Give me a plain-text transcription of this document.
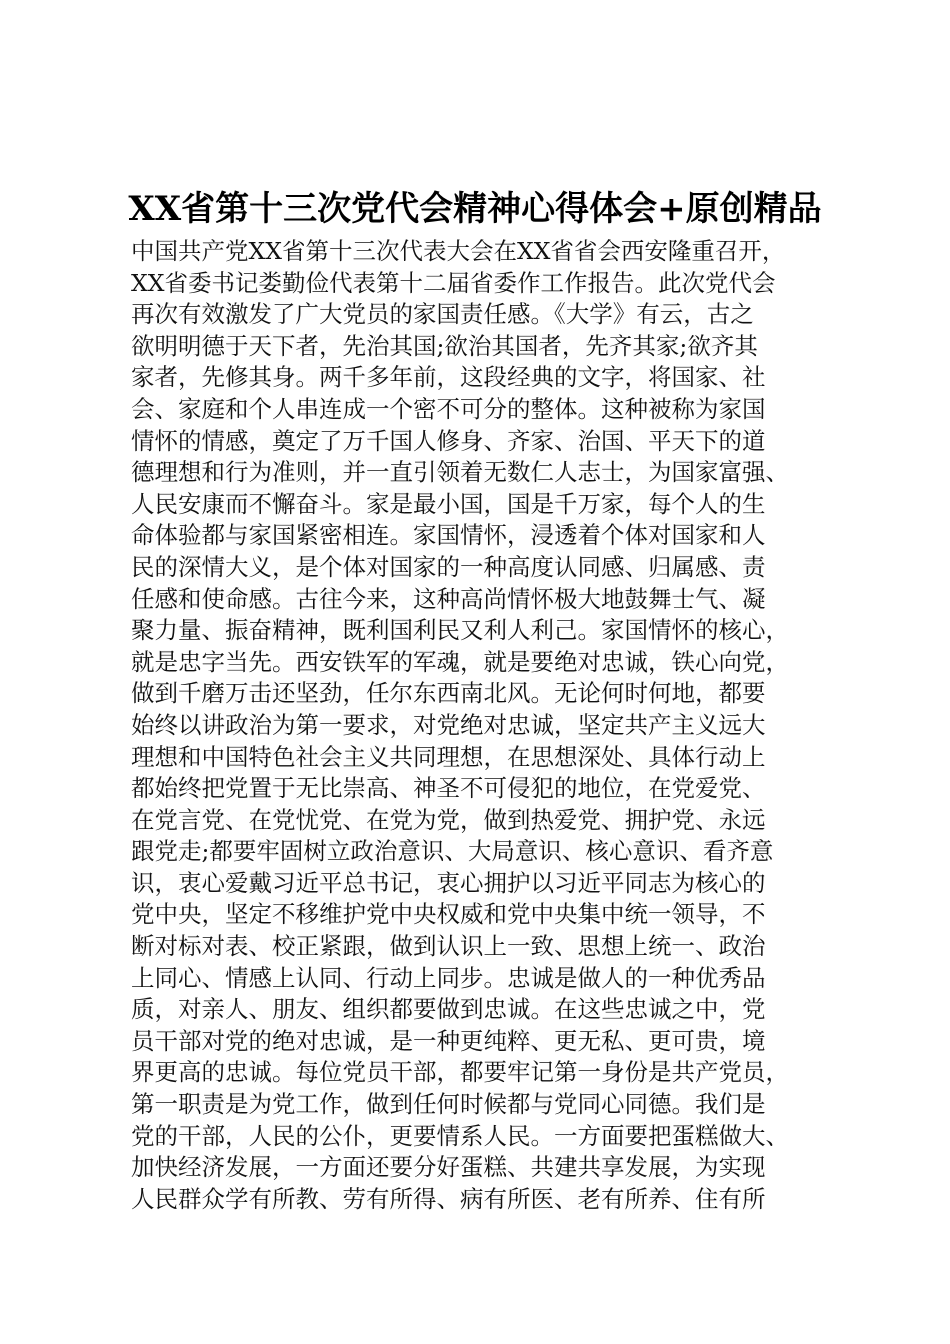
XX省第十三次党代会精神心得体会+原创精品
中国共产党XX省第十三次代表大会在XX省省会西安隆重召开，
XX省委书记娄勤俭代表第十二届省委作工作报告。此次党代会
再次有效激发了广大党员的家国责任感。《大学》有云，古之
欲明明德于天下者，先治其国;欲治其国者，先齐其家;欲齐其
家者，先修其身。两千多年前，这段经典的文字，将国家、社
会、家庭和个人串连成一个密不可分的整体。这种被称为家国
情怀的情感，奠定了万千国人修身、齐家、治国、平天下的道
德理想和行为准则，并一直引领着无数仁人志士，为国家富强、
人民安康而不懈奋斗。家是最小国，国是千万家，每个人的生
命体验都与家国紧密相连。家国情怀，浸透着个体对国家和人
民的深情大义，是个体对国家的一种高度认同感、归属感、责
任感和使命感。古往今来，这种高尚情怀极大地鼓舞士气、凝
聚力量、振奋精神，既利国利民又利人利己。家国情怀的核心，
就是忠字当先。西安铁军的军魂，就是要绝对忠诚，铁心向党，
做到千磨万击还坚劲，任尔东西南北风。无论何时何地，都要
始终以讲政治为第一要求，对党绝对忠诚，坚定共产主义远大
理想和中国特色社会主义共同理想，在思想深处、具体行动上
都始终把党置于无比崇高、神圣不可侵犯的地位，在党爱党、
在党言党、在党忧党、在党为党，做到热爱党、拥护党、永远
跟党走;都要牢固树立政治意识、大局意识、核心意识、看齐意
识，衷心爱戴习近平总书记，衷心拥护以习近平同志为核心的
党中央，坚定不移维护党中央权威和党中央集中统一领导，不
断对标对表、校正紧跟，做到认识上一致、思想上统一、政治
上同心、情感上认同、行动上同步。忠诚是做人的一种优秀品
质，对亲人、朋友、组织都要做到忠诚。在这些忠诚之中，党
员干部对党的绝对忠诚，是一种更纯粹、更无私、更可贵，境
界更高的忠诚。每位党员干部，都要牢记第一身份是共产党员，
第一职责是为党工作，做到任何时候都与党同心同德。我们是
党的干部，人民的公仆，更要情系人民。一方面要把蛋糕做大、
加快经济发展，一方面还要分好蛋糕、共建共享发展，为实现
人民群众学有所教、劳有所得、病有所医、老有所养、住有所
